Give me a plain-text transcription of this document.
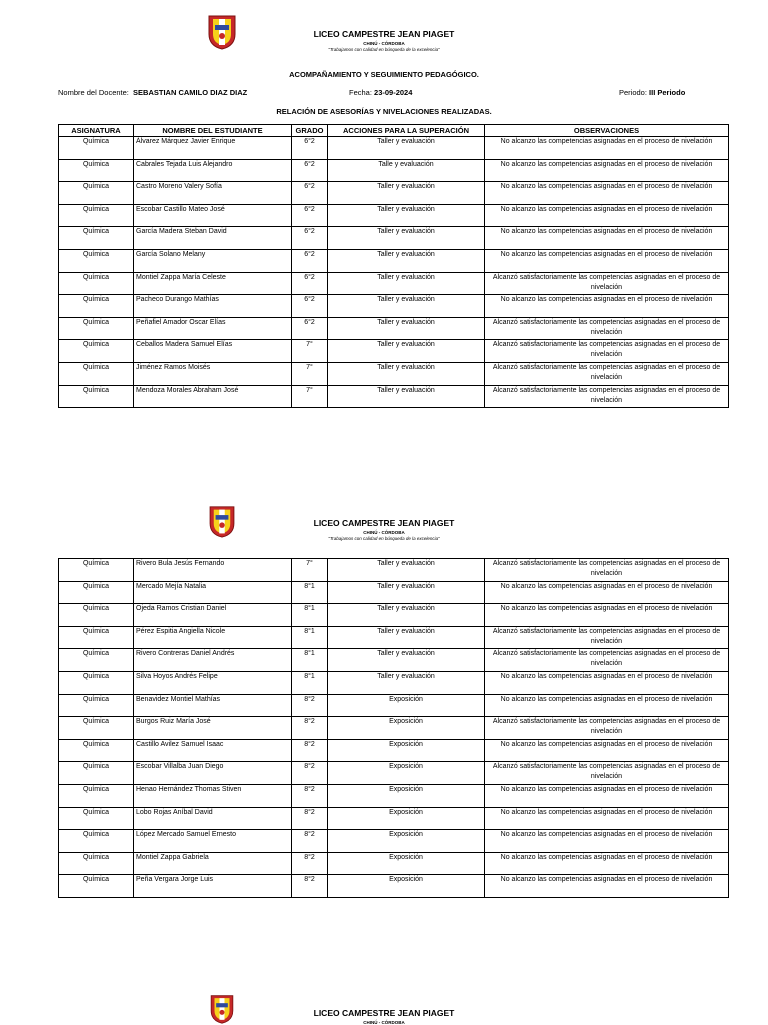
LICEO CAMPESTRE JEAN PIAGET
CHINÚ - CÓRDOBA
"Trabajamos con calidad en búsqueda de la excelencia"
ACOMPAÑAMIENTO Y SEGUIMIENTO PEDAGÓGICO.
Nombre del Docente: SEBASTIAN CAMILO DIAZ DIAZ	Fecha: 23-09-2024	Periodo: III Periodo
RELACIÓN DE ASESORÍAS Y NIVELACIONES REALIZADAS.
ASIGNATURA	NOMBRE DEL ESTUDIANTE	GRADO	ACCIONES PARA LA SUPERACIÓN	OBSERVACIONES
Química	Álvarez Márquez Javier Enrique	6°2	Taller y evaluación	No alcanzo las competencias asignadas en el proceso de nivelación
Química	Cabrales Tejada Luis Alejandro	6°2	Talle y evaluación	No alcanzo las competencias asignadas en el proceso de nivelación
Química	Castro Moreno Valery Sofía	6°2	Taller y evaluación	No alcanzo las competencias asignadas en el proceso de nivelación
Química	Escobar Castillo Mateo José	6°2	Taller y evaluación	No alcanzo las competencias asignadas en el proceso de nivelación
Química	García Madera Steban David	6°2	Taller y evaluación	No alcanzo las competencias asignadas en el proceso de nivelación
Química	García Solano Melany	6°2	Taller y evaluación	No alcanzo las competencias asignadas en el proceso de nivelación
Química	Montiel Zappa María Celeste	6°2	Taller y evaluación	Alcanzó satisfactoriamente las competencias asignadas en el proceso de nivelación
Química	Pacheco Durango Mathías	6°2	Taller y evaluación	No alcanzo las competencias asignadas en el proceso de nivelación
Química	Peñafiel Amador Oscar Elías	6°2	Taller y evaluación	Alcanzó satisfactoriamente las competencias asignadas en el proceso de nivelación
Química	Ceballos Madera Samuel Elías	7°	Taller y evaluación	Alcanzó satisfactoriamente las competencias asignadas en el proceso de nivelación
Química	Jiménez Ramos Moisés	7°	Taller y evaluación	Alcanzó satisfactoriamente las competencias asignadas en el proceso de nivelación
Química	Mendoza Morales Abraham José	7°	Taller y evaluación	Alcanzó satisfactoriamente las competencias asignadas en el proceso de nivelación
LICEO CAMPESTRE JEAN PIAGET
CHINÚ - CÓRDOBA
"Trabajamos con calidad en búsqueda de la excelencia"
Química	Rivero Bula Jesús Fernando	7°	Taller y evaluación	Alcanzó satisfactoriamente las competencias asignadas en el proceso de nivelación
Química	Mercado Mejía Natalia	8°1	Taller y evaluación	No alcanzo las competencias asignadas en el proceso de nivelación
Química	Ojeda Ramos Cristian Daniel	8°1	Taller y evaluación	No alcanzo las competencias asignadas en el proceso de nivelación
Química	Pérez Espitia Angiella Nicole	8°1	Taller y evaluación	Alcanzó satisfactoriamente las competencias asignadas en el proceso de nivelación
Química	Rivero Contreras Daniel Andrés	8°1	Taller y evaluación	Alcanzó satisfactoriamente las competencias asignadas en el proceso de nivelación
Química	Silva Hoyos Andrés Felipe	8°1	Taller y evaluación	No alcanzo las competencias asignadas en el proceso de nivelación
Química	Benavidez Montiel Mathías	8°2	Exposición	No alcanzo las competencias asignadas en el proceso de nivelación
Química	Burgos Ruiz María José	8°2	Exposición	Alcanzó satisfactoriamente las competencias asignadas en el proceso de nivelación
Química	Castillo Avilez Samuel Isaac	8°2	Exposición	No alcanzo las competencias asignadas en el proceso de nivelación
Química	Escobar Villalba Juan Diego	8°2	Exposición	Alcanzó satisfactoriamente las competencias asignadas en el proceso de nivelación
Química	Henao Hernández Thomas Stiven	8°2	Exposición	No alcanzo las competencias asignadas en el proceso de nivelación
Química	Lobo Rojas Aníbal David	8°2	Exposición	No alcanzo las competencias asignadas en el proceso de nivelación
Química	López Mercado Samuel Ernesto	8°2	Exposición	No alcanzo las competencias asignadas en el proceso de nivelación
Química	Montiel Zappa Gabriela	8°2	Exposición	No alcanzo las competencias asignadas en el proceso de nivelación
Química	Peña Vergara Jorge Luis	8°2	Exposición	No alcanzo las competencias asignadas en el proceso de nivelación
LICEO CAMPESTRE JEAN PIAGET
CHINÚ - CÓRDOBA
